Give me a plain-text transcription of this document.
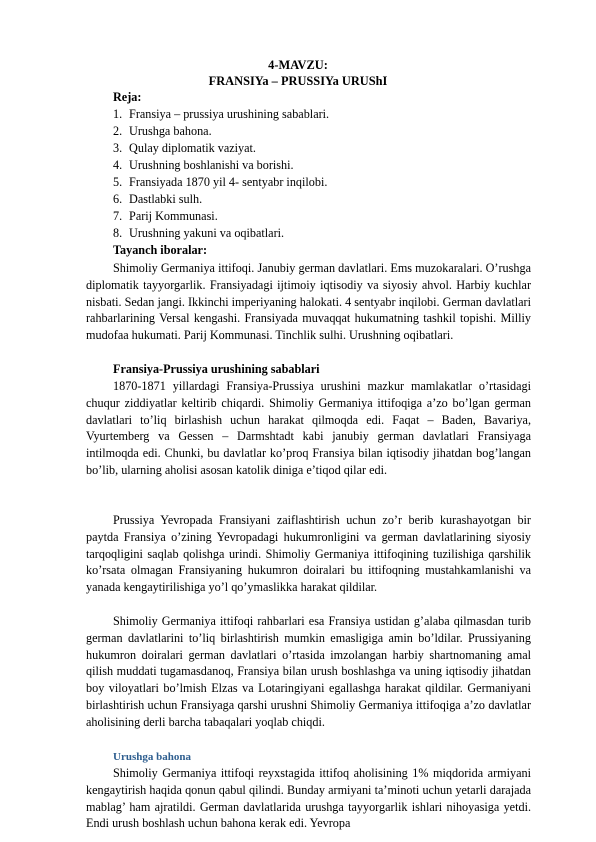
4-MAVZU:
FRANSIYa – PRUSSIYa URUShI
Reja:
1. Fransiya – prussiya urushining sabablari.
2. Urushga bahona.
3. Qulay diplomatik vaziyat.
4. Urushning boshlanishi va borishi.
5. Fransiyada 1870 yil 4- sentyabr inqilobi.
6. Dastlabki sulh.
7. Parij Kommunasi.
8. Urushning yakuni va oqibatlari.
Tayanch iboralar:

Shimoliy Germaniya ittifoqi. Janubiy german davlatlari. Ems muzokaralari. O’rushga diplomatik tayyorgarlik. Fransiyadagi ijtimoiy iqtisodiy va siyosiy ahvol. Harbiy kuchlar nisbati. Sedan jangi. Ikkinchi imperiyaning halokati. 4 sentyabr inqilobi. German davlatlari rahbarlarining Versal kengashi. Fransiyada muvaqqat hukumatning tashkil topishi. Milliy mudofaa hukumati. Parij Kommunasi. Tinchlik sulhi. Urushning oqibatlari.

Fransiya-Prussiya urushining sabablari

1870-1871 yillardagi Fransiya-Prussiya urushini mazkur mamlakatlar o’rtasidagi chuqur ziddiyatlar keltirib chiqardi. Shimoliy Germaniya ittifoqiga a’zo bo’lgan german davlatlari to’liq birlashish uchun harakat qilmoqda edi. Faqat – Baden, Bavariya, Vyurtemberg va Gessen – Darmshtadt kabi janubiy german davlatlari Fransiyaga intilmoqda edi. Chunki, bu davlatlar ko’proq Fransiya bilan iqtisodiy jihatdan bog’langan bo’lib, ularning aholisi asosan katolik diniga e’tiqod qilar edi.

Prussiya Yevropada Fransiyani zaiflashtirish uchun zo’r berib kurashayotgan bir paytda Fransiya o’zining Yevropadagi hukumronligini va german davlatlarining siyosiy tarqoqligini saqlab qolishga urindi. Shimoliy Germaniya ittifoqining tuzilishiga qarshilik ko’rsata olmagan Fransiyaning hukumron doiralari bu ittifoqning mustahkamlanishi va yanada kengaytirilishiga yo’l qo’ymaslikka harakat qildilar.

Shimoliy Germaniya ittifoqi rahbarlari esa Fransiya ustidan g’alaba qilmasdan turib german davlatlarini to’liq birlashtirish mumkin emasligiga amin bo’ldilar. Prussiyaning hukumron doiralari german davlatlari o’rtasida imzolangan harbiy shartnomaning amal qilish muddati tugamasdanoq, Fransiya bilan urush boshlashga va uning iqtisodiy jihatdan boy viloyatlari bo’lmish Elzas va Lotaringiyani egallashga harakat qildilar. Germaniyani birlashtirish uchun Fransiyaga qarshi urushni Shimoliy Germaniya ittifoqiga a’zo davlatlar aholisining derli barcha tabaqalari yoqlab chiqdi.

Urushga bahona

Shimoliy Germaniya ittifoqi reyxstagida ittifoq aholisining 1% miqdorida armiyani kengaytirish haqida qonun qabul qilindi. Bunday armiyani ta’minoti uchun yetarli darajada mablag’ ham ajratildi. German davlatlarida urushga tayyorgarlik ishlari nihoyasiga yetdi. Endi urush boshlash uchun bahona kerak edi. Yevropa
